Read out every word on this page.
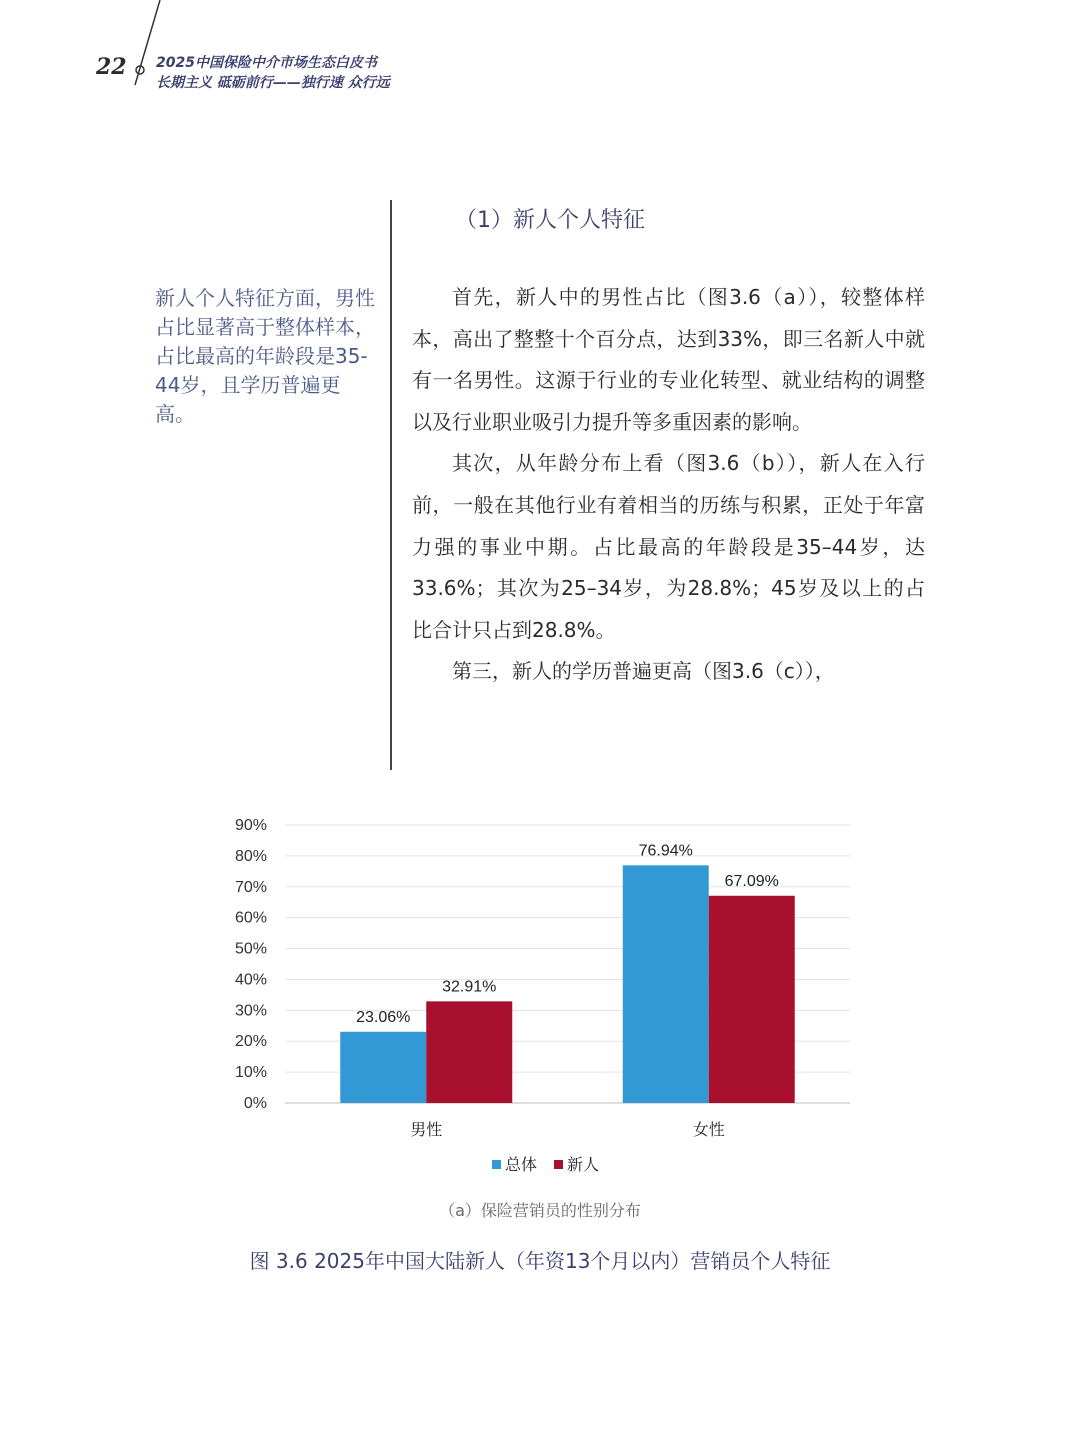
22 2025中国保险中介市场生态白皮书
长期主义 砥砺前行——独行速 众行远
（1）新人个人特征
新人个人特征方面，男性占比显著高于整体样本，占比最高的年龄段是35-44岁，且学历普遍更高。

首先，新人中的男性占比（图3.6（a）），较整体样本，高出了整整十个百分点，达到33%，即三名新人中就有一名男性。这源于行业的专业化转型、就业结构的调整以及行业职业吸引力提升等多重因素的影响。

其次，从年龄分布上看（图3.6（b）），新人在入行前，一般在其他行业有着相当的历练与积累，正处于年富力强的事业中期。占比最高的年龄段是35–44岁，达33.6%；其次为25–34岁，为28.8%；45岁及以上的占比合计只占到28.8%。

第三，新人的学历普遍更高（图3.6（c）），

0%
10%
20%
30%
40%
50%
60%
70%
80%
90%
23.06%
32.91%
男性
76.94%
67.09%
女性
总体 新人
（a）保险营销员的性别分布
图 3.6 2025年中国大陆新人（年资13个月以内）营销员个人特征
